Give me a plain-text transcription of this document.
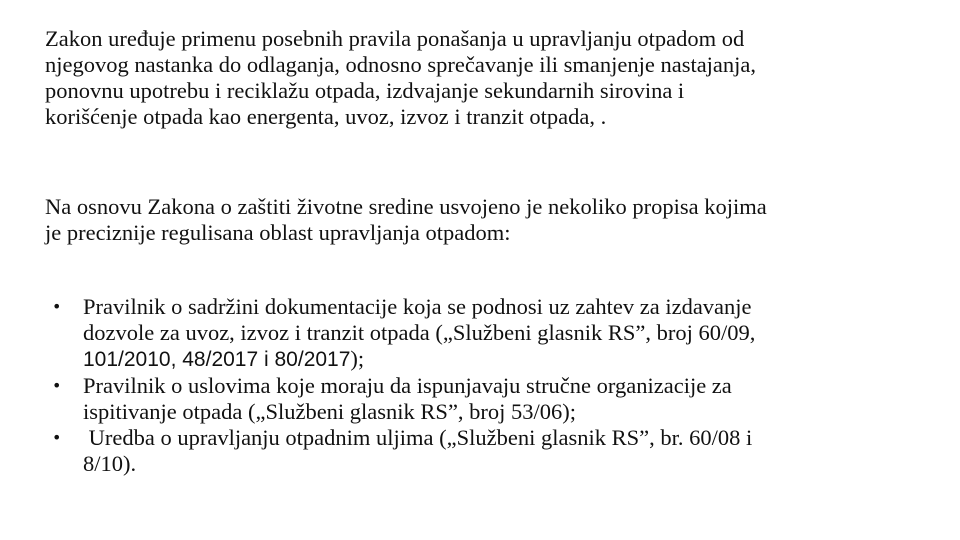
Zakon uređuje primenu posebnih pravila ponašanja u upravljanju otpadom od
njegovog nastanka do odlaganja, odnosno sprečavanje ili smanjenje nastajanja,
ponovnu upotrebu i reciklažu otpada, izdvajanje sekundarnih sirovina i
korišćenje otpada kao energenta, uvoz, izvoz i tranzit otpada, .

Na osnovu Zakona o zaštiti životne sredine usvojeno je nekoliko propisa kojima
je preciznije regulisana oblast upravljanja otpadom:

• Pravilnik o sadržini dokumentacije koja se podnosi uz zahtev za izdavanje
dozvole za uvoz, izvoz i tranzit otpada („Službeni glasnik RS”, broj 60/09,
101/2010, 48/2017 i 80/2017);
• Pravilnik o uslovima koje moraju da ispunjavaju stručne organizacije za
ispitivanje otpada („Službeni glasnik RS”, broj 53/06);
• Uredba o upravljanju otpadnim uljima („Službeni glasnik RS”, br. 60/08 i
8/10).
